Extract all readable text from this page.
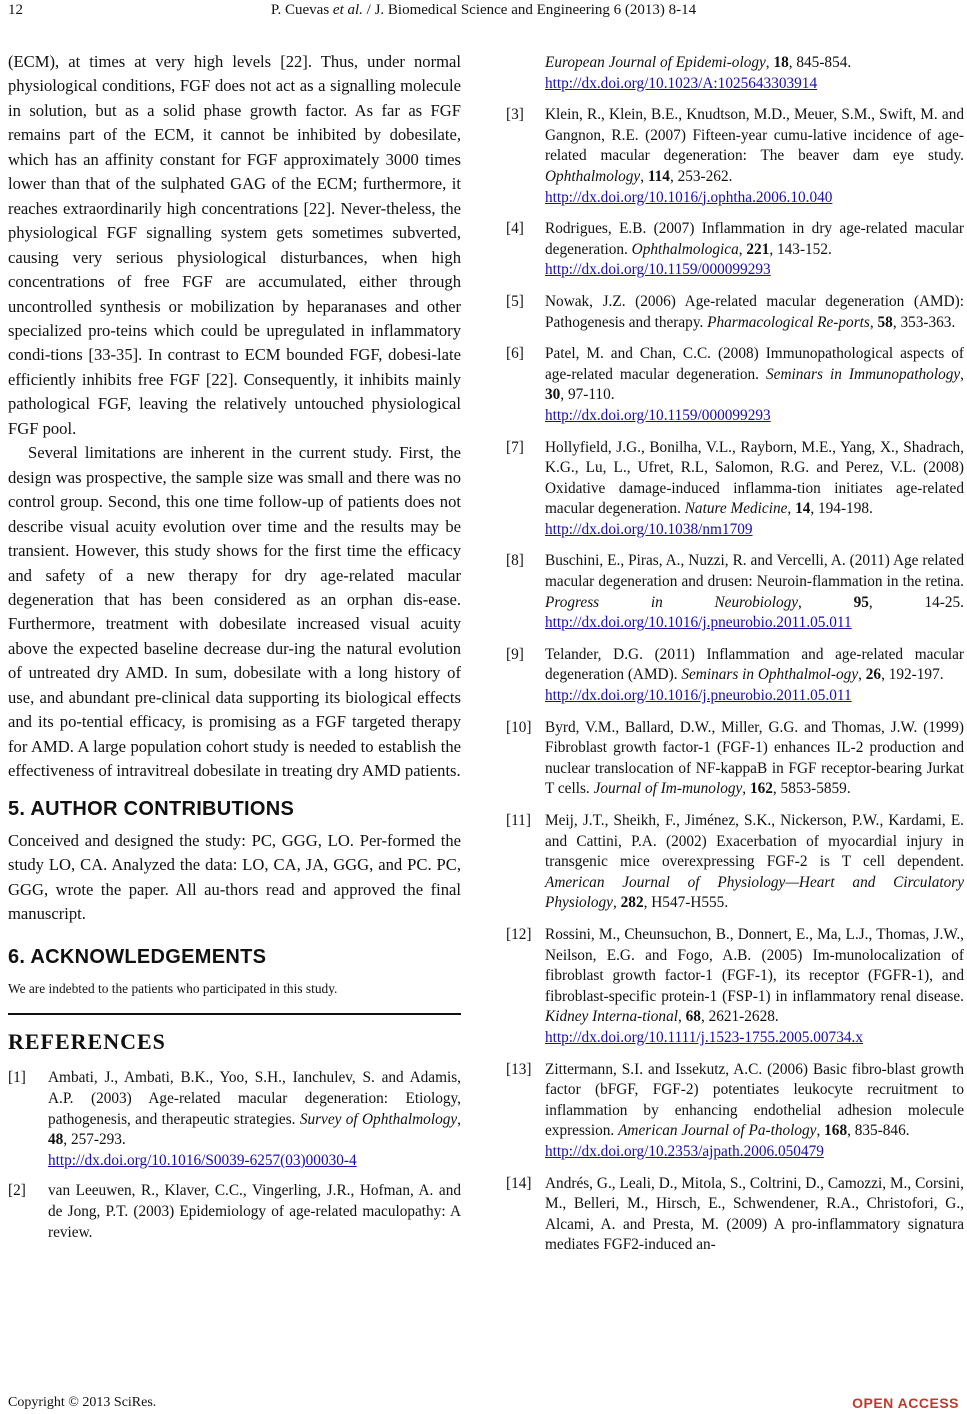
12	P. Cuevas et al. / J. Biomedical Science and Engineering 6 (2013) 8-14

(ECM), at times at very high levels [22]. Thus, under normal physiological conditions, FGF does not act as a signalling molecule in solution, but as a solid phase growth factor. As far as FGF remains part of the ECM, it cannot be inhibited by dobesilate, which has an affinity constant for FGF approximately 3000 times lower than that of the sulphated GAG of the ECM; furthermore, it reaches extraordinarily high concentrations [22]. Never-theless, the physiological FGF signalling system gets sometimes subverted, causing very serious physiological disturbances, when high concentrations of free FGF are accumulated, either through uncontrolled synthesis or mobilization by heparanases and other specialized pro-teins which could be upregulated in inflammatory condi-tions [33-35]. In contrast to ECM bounded FGF, dobesi-late efficiently inhibits free FGF [22]. Consequently, it inhibits mainly pathological FGF, leaving the relatively untouched physiological FGF pool.

Several limitations are inherent in the current study. First, the design was prospective, the sample size was small and there was no control group. Second, this one time follow-up of patients does not describe visual acuity evolution over time and the results may be transient. However, this study shows for the first time the efficacy and safety of a new therapy for dry age-related macular degeneration that has been considered as an orphan dis-ease. Furthermore, treatment with dobesilate increased visual acuity above the expected baseline decrease dur-ing the natural evolution of untreated dry AMD. In sum, dobesilate with a long history of use, and abundant pre-clinical data supporting its biological effects and its po-tential efficacy, is promising as a FGF targeted therapy for AMD. A large population cohort study is needed to establish the effectiveness of intravitreal dobesilate in treating dry AMD patients.

5. AUTHOR CONTRIBUTIONS

Conceived and designed the study: PC, GGG, LO. Per-formed the study LO, CA. Analyzed the data: LO, CA, JA, GGG, and PC. PC, GGG, wrote the paper. All au-thors read and approved the final manuscript.

6. ACKNOWLEDGEMENTS

We are indebted to the patients who participated in this study.

REFERENCES
[1] Ambati, J., Ambati, B.K., Yoo, S.H., Ianchulev, S. and Adamis, A.P. (2003) Age-related macular degeneration: Etiology, pathogenesis, and therapeutic strategies. Survey of Ophthalmology, 48, 257-293.
http://dx.doi.org/10.1016/S0039-6257(03)00030-4
[2] van Leeuwen, R., Klaver, C.C., Vingerling, J.R., Hofman, A. and de Jong, P.T. (2003) Epidemiology of age-related maculopathy: A review.
European Journal of Epidemi-ology, 18, 845-854.
http://dx.doi.org/10.1023/A:1025643303914
[3] Klein, R., Klein, B.E., Knudtson, M.D., Meuer, S.M., Swift, M. and Gangnon, R.E. (2007) Fifteen-year cumu-lative incidence of age-related macular degeneration: The beaver dam eye study. Ophthalmology, 114, 253-262.
http://dx.doi.org/10.1016/j.ophtha.2006.10.040
[4] Rodrigues, E.B. (2007) Inflammation in dry age-related macular degeneration. Ophthalmologica, 221, 143-152.
http://dx.doi.org/10.1159/000099293
[5] Nowak, J.Z. (2006) Age-related macular degeneration (AMD): Pathogenesis and therapy. Pharmacological Re-ports, 58, 353-363.
[6] Patel, M. and Chan, C.C. (2008) Immunopathological aspects of age-related macular degeneration. Seminars in Immunopathology, 30, 97-110.
http://dx.doi.org/10.1159/000099293
[7] Hollyfield, J.G., Bonilha, V.L., Rayborn, M.E., Yang, X., Shadrach, K.G., Lu, L., Ufret, R.L, Salomon, R.G. and Perez, V.L. (2008) Oxidative damage-induced inflamma-tion initiates age-related macular degeneration. Nature Medicine, 14, 194-198.
http://dx.doi.org/10.1038/nm1709
[8] Buschini, E., Piras, A., Nuzzi, R. and Vercelli, A. (2011) Age related macular degeneration and drusen: Neuroin-flammation in the retina. Progress in Neurobiology, 95, 14-25. http://dx.doi.org/10.1016/j.pneurobio.2011.05.011
[9] Telander, D.G. (2011) Inflammation and age-related macular degeneration (AMD). Seminars in Ophthalmol-ogy, 26, 192-197.
http://dx.doi.org/10.1016/j.pneurobio.2011.05.011
[10] Byrd, V.M., Ballard, D.W., Miller, G.G. and Thomas, J.W. (1999) Fibroblast growth factor-1 (FGF-1) enhances IL-2 production and nuclear translocation of NF-kappaB in FGF receptor-bearing Jurkat T cells. Journal of Im-munology, 162, 5853-5859.
[11] Meij, J.T., Sheikh, F., Jiménez, S.K., Nickerson, P.W., Kardami, E. and Cattini, P.A. (2002) Exacerbation of myocardial injury in transgenic mice overexpressing FGF-2 is T cell dependent. American Journal of Physiology—Heart and Circulatory Physiology, 282, H547-H555.
[12] Rossini, M., Cheunsuchon, B., Donnert, E., Ma, L.J., Thomas, J.W., Neilson, E.G. and Fogo, A.B. (2005) Im-munolocalization of fibroblast growth factor-1 (FGF-1), its receptor (FGFR-1), and fibroblast-specific protein-1 (FSP-1) in inflammatory renal disease. Kidney Interna-tional, 68, 2621-2628.
http://dx.doi.org/10.1111/j.1523-1755.2005.00734.x
[13] Zittermann, S.I. and Issekutz, A.C. (2006) Basic fibro-blast growth factor (bFGF, FGF-2) potentiates leukocyte recruitment to inflammation by enhancing endothelial adhesion molecule expression. American Journal of Pa-thology, 168, 835-846.
http://dx.doi.org/10.2353/ajpath.2006.050479
[14] Andrés, G., Leali, D., Mitola, S., Coltrini, D., Camozzi, M., Corsini, M., Belleri, M., Hirsch, E., Schwendener, R.A., Christofori, G., Alcami, A. and Presta, M. (2009) A pro-inflammatory signatura mediates FGF2-induced an-
Copyright © 2013 SciRes.	OPEN ACCESS
